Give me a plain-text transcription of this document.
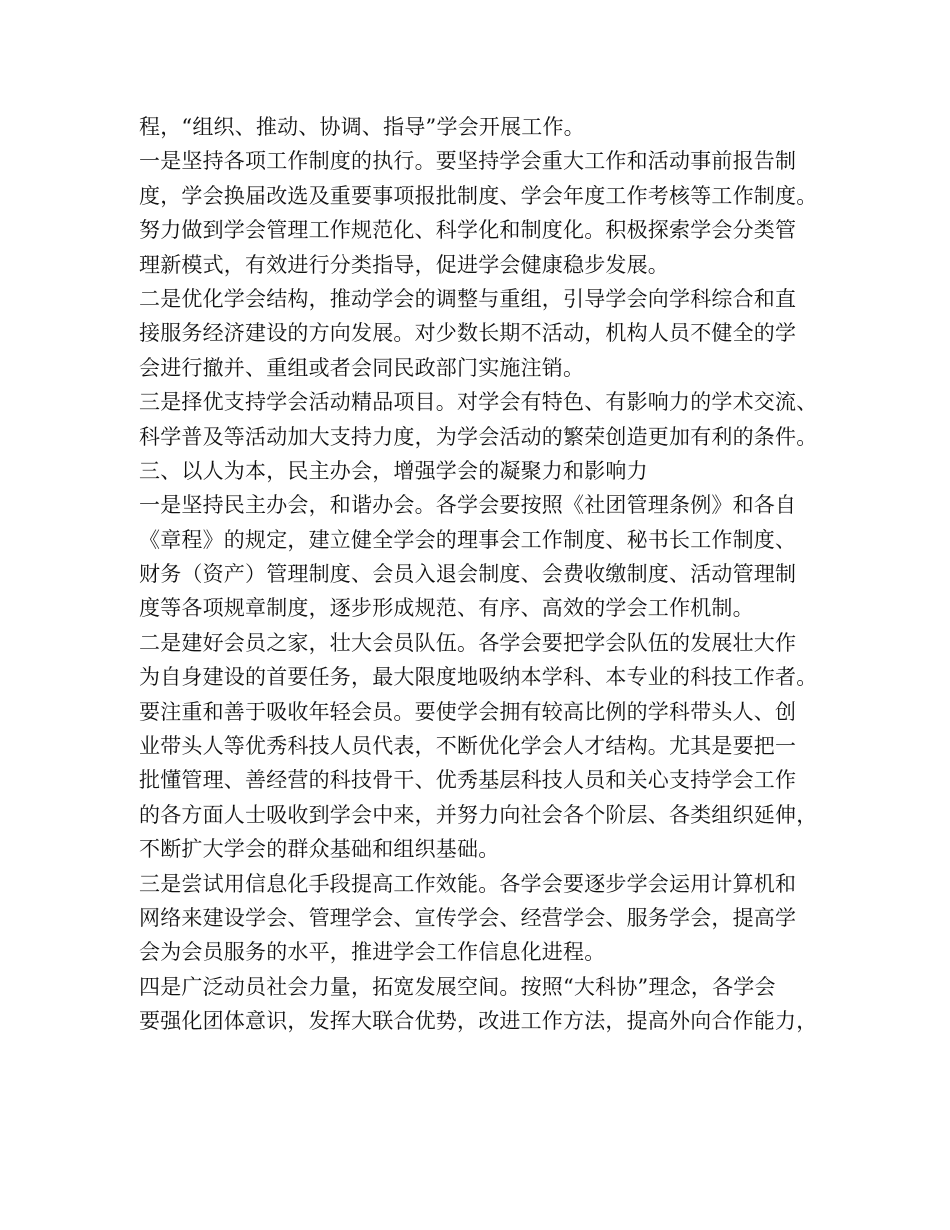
程，“组织、推动、协调、指导”学会开展工作。
一是坚持各项工作制度的执行。要坚持学会重大工作和活动事前报告制
度，学会换届改选及重要事项报批制度、学会年度工作考核等工作制度。
努力做到学会管理工作规范化、科学化和制度化。积极探索学会分类管
理新模式，有效进行分类指导，促进学会健康稳步发展。
二是优化学会结构，推动学会的调整与重组，引导学会向学科综合和直
接服务经济建设的方向发展。对少数长期不活动，机构人员不健全的学
会进行撤并、重组或者会同民政部门实施注销。
三是择优支持学会活动精品项目。对学会有特色、有影响力的学术交流、
科学普及等活动加大支持力度，为学会活动的繁荣创造更加有利的条件。
三、以人为本，民主办会，增强学会的凝聚力和影响力
一是坚持民主办会，和谐办会。各学会要按照《社团管理条例》和各自
《章程》的规定，建立健全学会的理事会工作制度、秘书长工作制度、
财务（资产）管理制度、会员入退会制度、会费收缴制度、活动管理制
度等各项规章制度，逐步形成规范、有序、高效的学会工作机制。
二是建好会员之家，壮大会员队伍。各学会要把学会队伍的发展壮大作
为自身建设的首要任务，最大限度地吸纳本学科、本专业的科技工作者。
要注重和善于吸收年轻会员。要使学会拥有较高比例的学科带头人、创
业带头人等优秀科技人员代表，不断优化学会人才结构。尤其是要把一
批懂管理、善经营的科技骨干、优秀基层科技人员和关心支持学会工作
的各方面人士吸收到学会中来，并努力向社会各个阶层、各类组织延伸，
不断扩大学会的群众基础和组织基础。
三是尝试用信息化手段提高工作效能。各学会要逐步学会运用计算机和
网络来建设学会、管理学会、宣传学会、经营学会、服务学会，提高学
会为会员服务的水平，推进学会工作信息化进程。
四是广泛动员社会力量，拓宽发展空间。按照“大科协”理念，各学会
要强化团体意识，发挥大联合优势，改进工作方法，提高外向合作能力，
